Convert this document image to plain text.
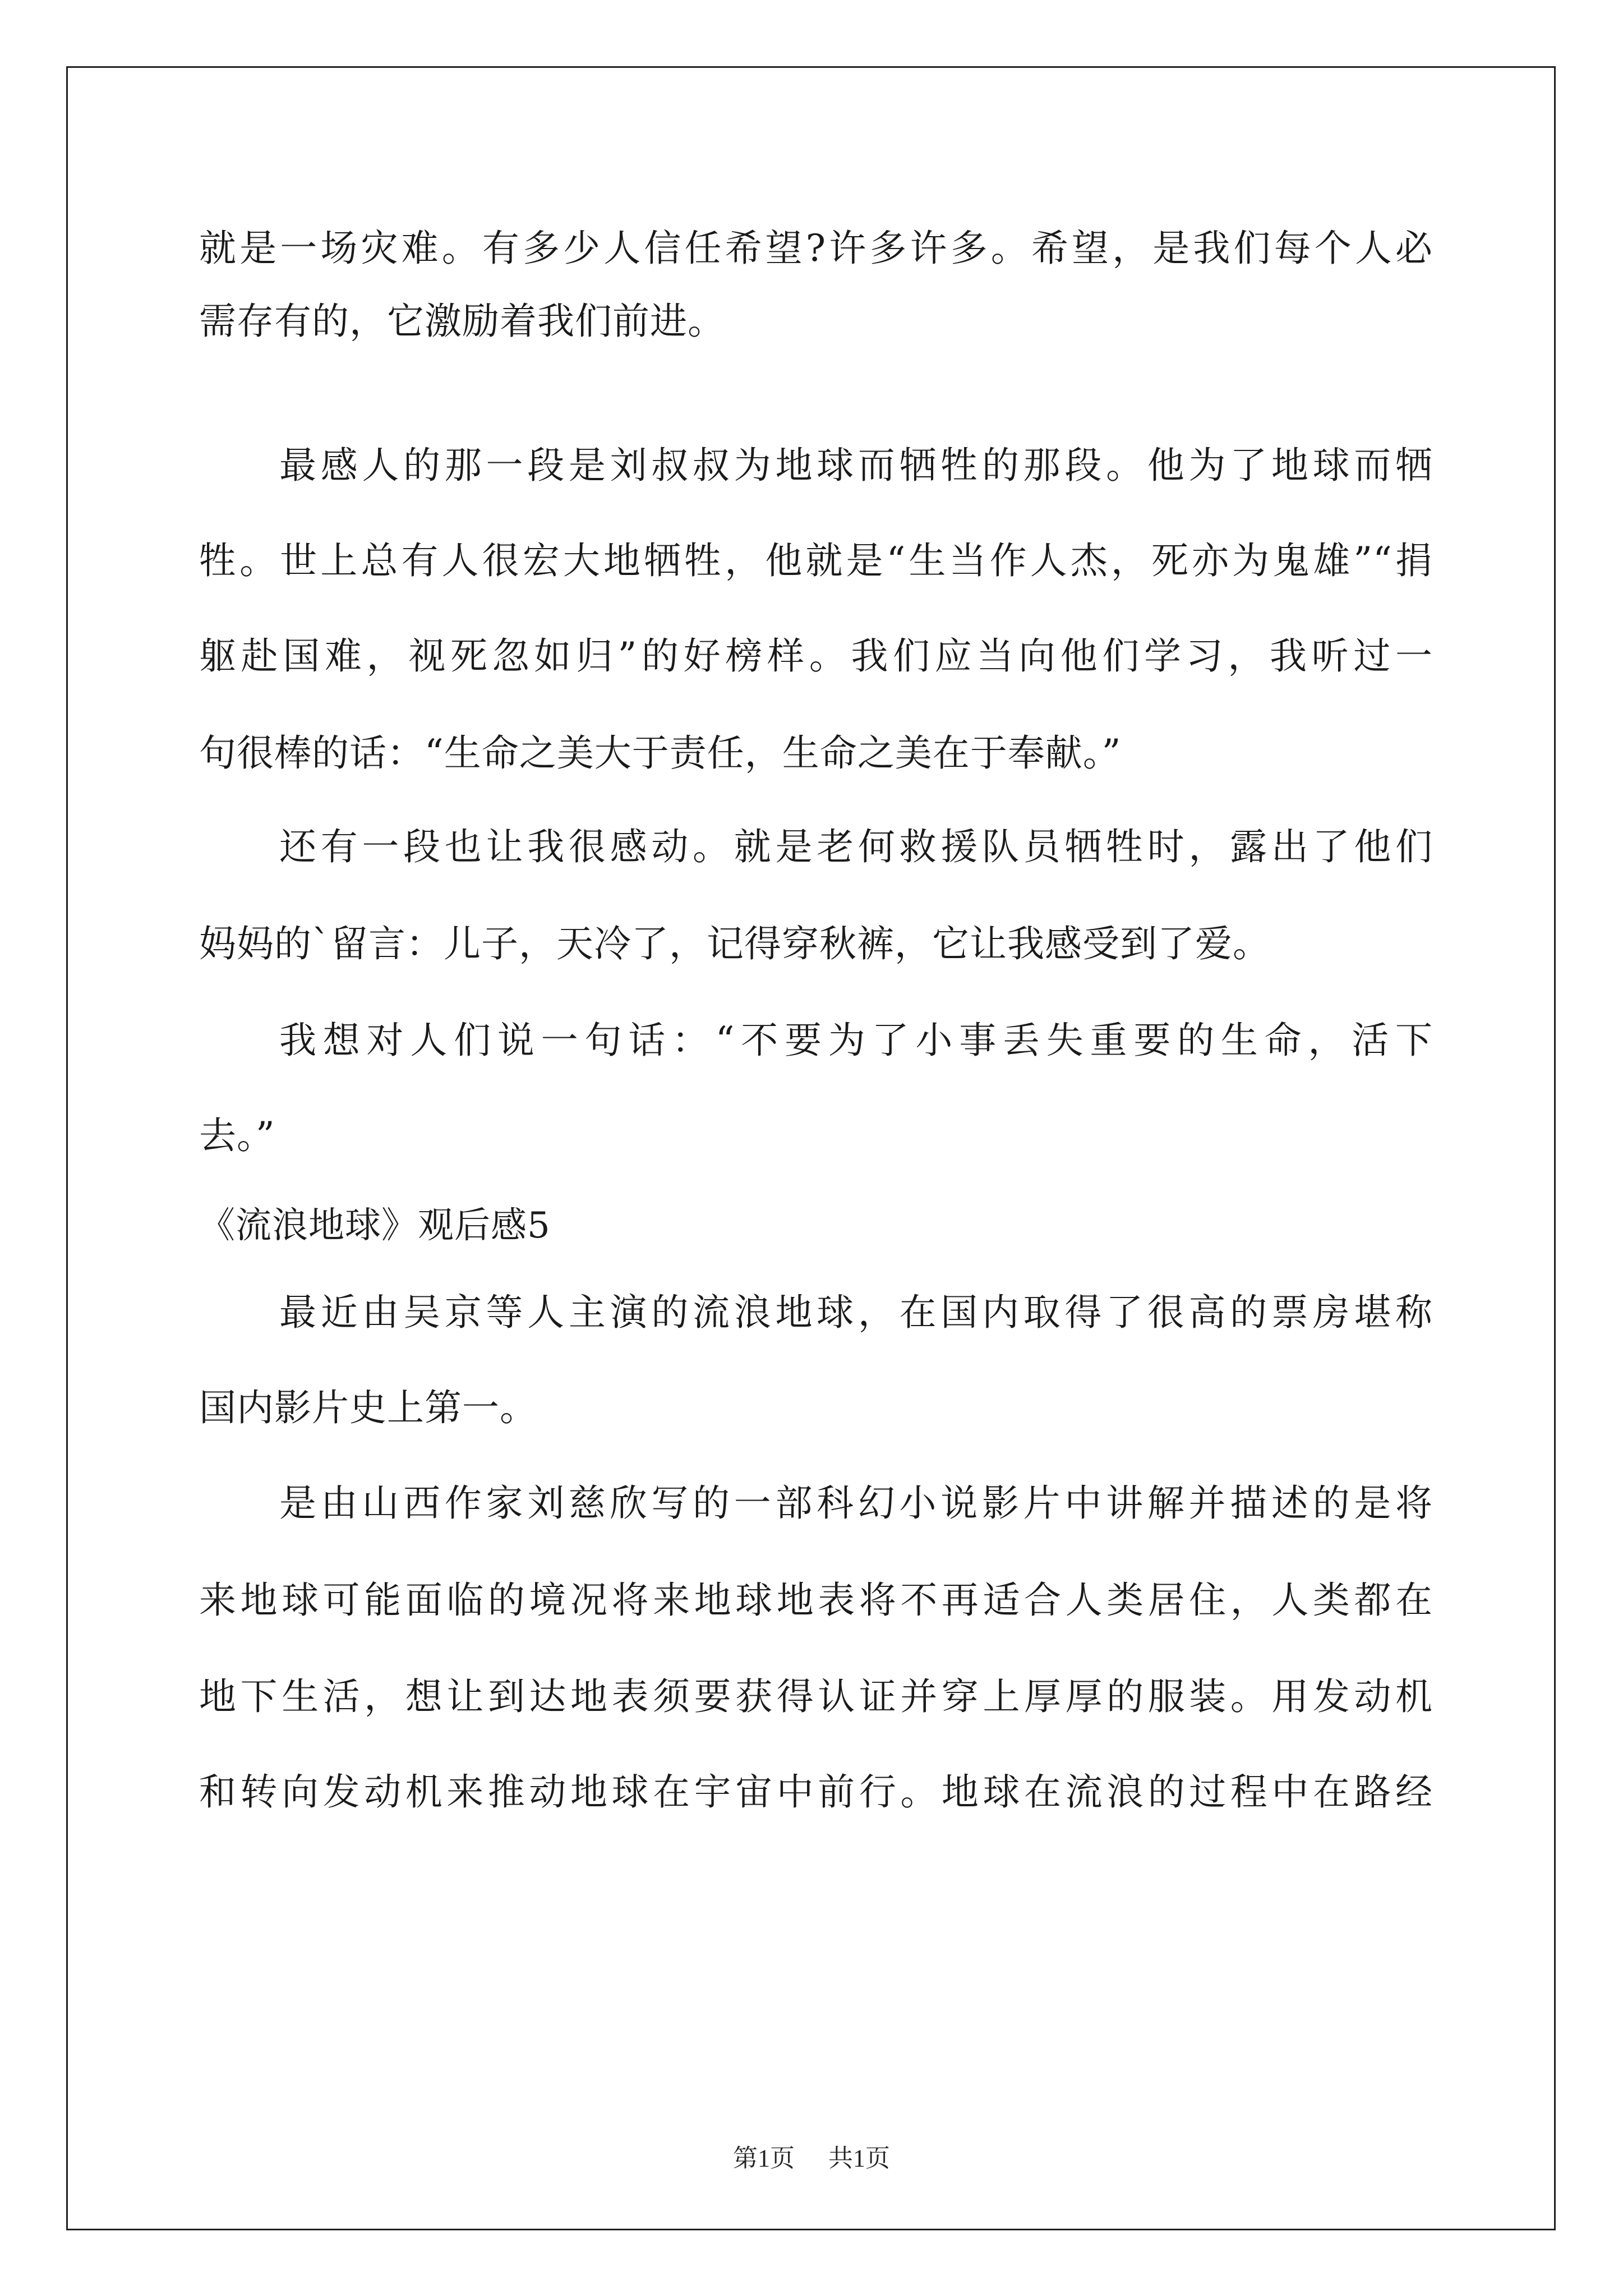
就是一场灾难。有多少人信任希望?许多许多。希望，是我们每个人必
需存有的，它激励着我们前进。
最感人的那一段是刘叔叔为地球而牺牲的那段。他为了地球而牺
牲。世上总有人很宏大地牺牲，他就是“生当作人杰，死亦为鬼雄”“捐
躯赴国难，视死忽如归”的好榜样。我们应当向他们学习，我听过一
句很棒的话：“生命之美大于责任，生命之美在于奉献。”
还有一段也让我很感动。就是老何救援队员牺牲时，露出了他们
妈妈的`留言：儿子，天冷了，记得穿秋裤，它让我感受到了爱。
我想对人们说一句话：“不要为了小事丢失重要的生命，活下
去。”
《流浪地球》观后感5
最近由吴京等人主演的流浪地球，在国内取得了很高的票房堪称
国内影片史上第一。
是由山西作家刘慈欣写的一部科幻小说影片中讲解并描述的是将
来地球可能面临的境况将来地球地表将不再适合人类居住，人类都在
地下生活，想让到达地表须要获得认证并穿上厚厚的服装。用发动机
和转向发动机来推动地球在宇宙中前行。地球在流浪的过程中在路经
第1页 共1页
